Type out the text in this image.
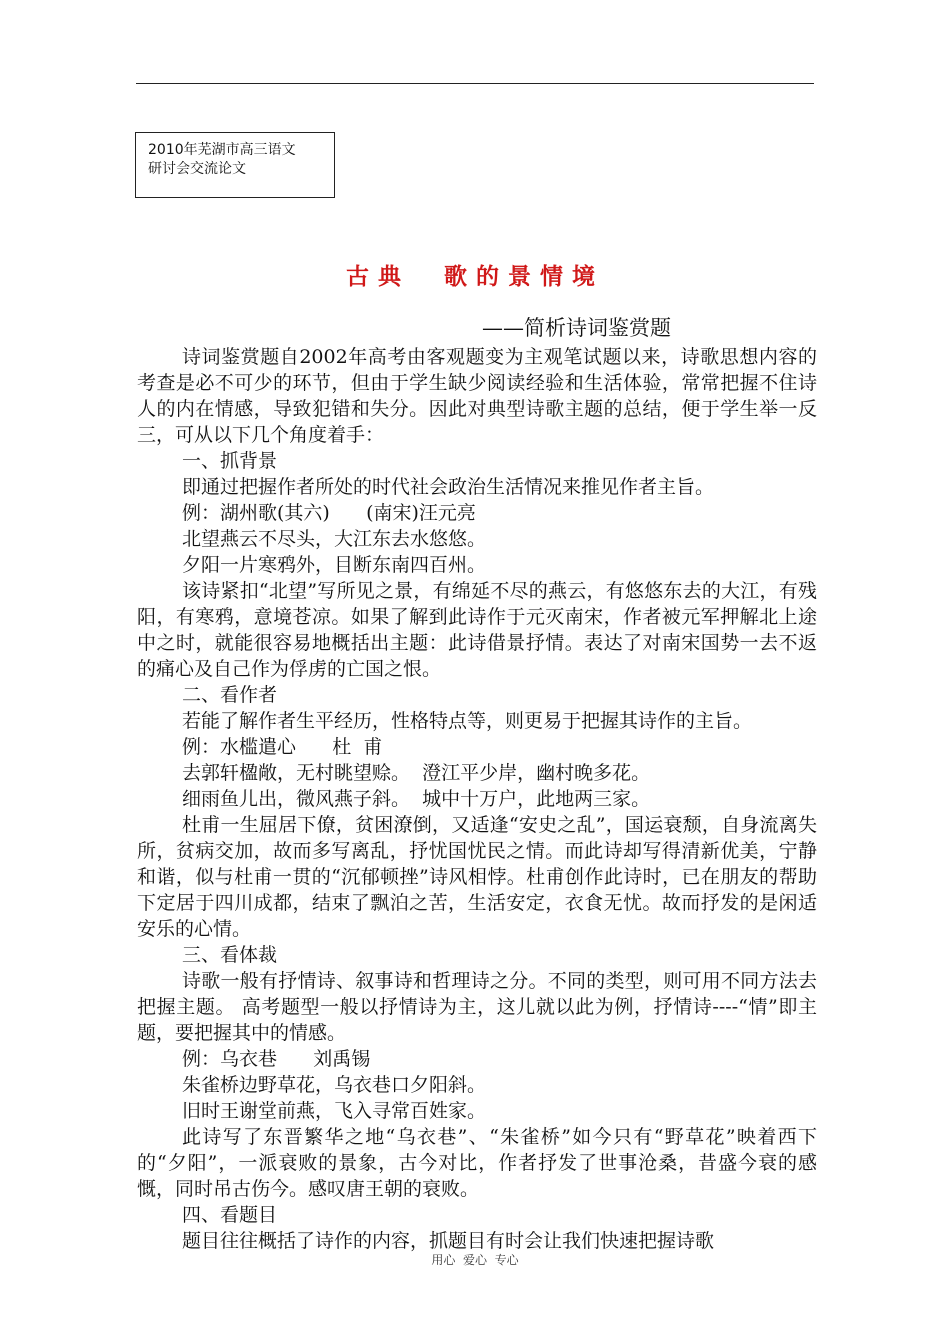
2010年芜湖市高三语文
研讨会交流论文
古典  歌的景情境
——简析诗词鉴赏题

诗词鉴赏题自2002年高考由客观题变为主观笔试题以来，诗歌思想内容的考查是必不可少的环节，但由于学生缺少阅读经验和生活体验，常常把握不住诗人的内在情感，导致犯错和失分。因此对典型诗歌主题的总结，便于学生举一反三，可从以下几个角度着手：

一、抓背景

即通过把握作者所处的时代社会政治生活情况来推见作者主旨。

例：湖州歌(其六)      (南宋)汪元亮

北望燕云不尽头，大江东去水悠悠。

夕阳一片寒鸦外，目断东南四百州。

该诗紧扣“北望”写所见之景，有绵延不尽的燕云，有悠悠东去的大江，有残阳，有寒鸦，意境苍凉。如果了解到此诗作于元灭南宋，作者被元军押解北上途中之时，就能很容易地概括出主题：此诗借景抒情。表达了对南宋国势一去不返的痛心及自己作为俘虏的亡国之恨。

二、看作者

若能了解作者生平经历，性格特点等，则更易于把握其诗作的主旨。

例：水槛遣心      杜  甫

去郭轩楹敞，无村眺望赊。  澄江平少岸，幽村晚多花。

细雨鱼儿出，微风燕子斜。  城中十万户，此地两三家。

杜甫一生屈居下僚，贫困潦倒，又适逢“安史之乱”，国运衰颓，自身流离失所，贫病交加，故而多写离乱，抒忧国忧民之情。而此诗却写得清新优美，宁静和谐，似与杜甫一贯的“沉郁顿挫”诗风相悖。杜甫创作此诗时，已在朋友的帮助下定居于四川成都，结束了飘泊之苦，生活安定，衣食无忧。故而抒发的是闲适安乐的心情。

三、看体裁

诗歌一般有抒情诗、叙事诗和哲理诗之分。不同的类型，则可用不同方法去把握主题。 高考题型一般以抒情诗为主，这儿就以此为例，抒情诗----“情”即主题，要把握其中的情感。

例：乌衣巷      刘禹锡

朱雀桥边野草花，乌衣巷口夕阳斜。

旧时王谢堂前燕，飞入寻常百姓家。

此诗写了东晋繁华之地“乌衣巷”、“朱雀桥”如今只有“野草花”映着西下的“夕阳”，一派衰败的景象，古今对比，作者抒发了世事沧桑，昔盛今衰的感慨，同时吊古伤今。感叹唐王朝的衰败。

四、看题目

题目往往概括了诗作的内容，抓题目有时会让我们快速把握诗歌

用心  爱心  专心
